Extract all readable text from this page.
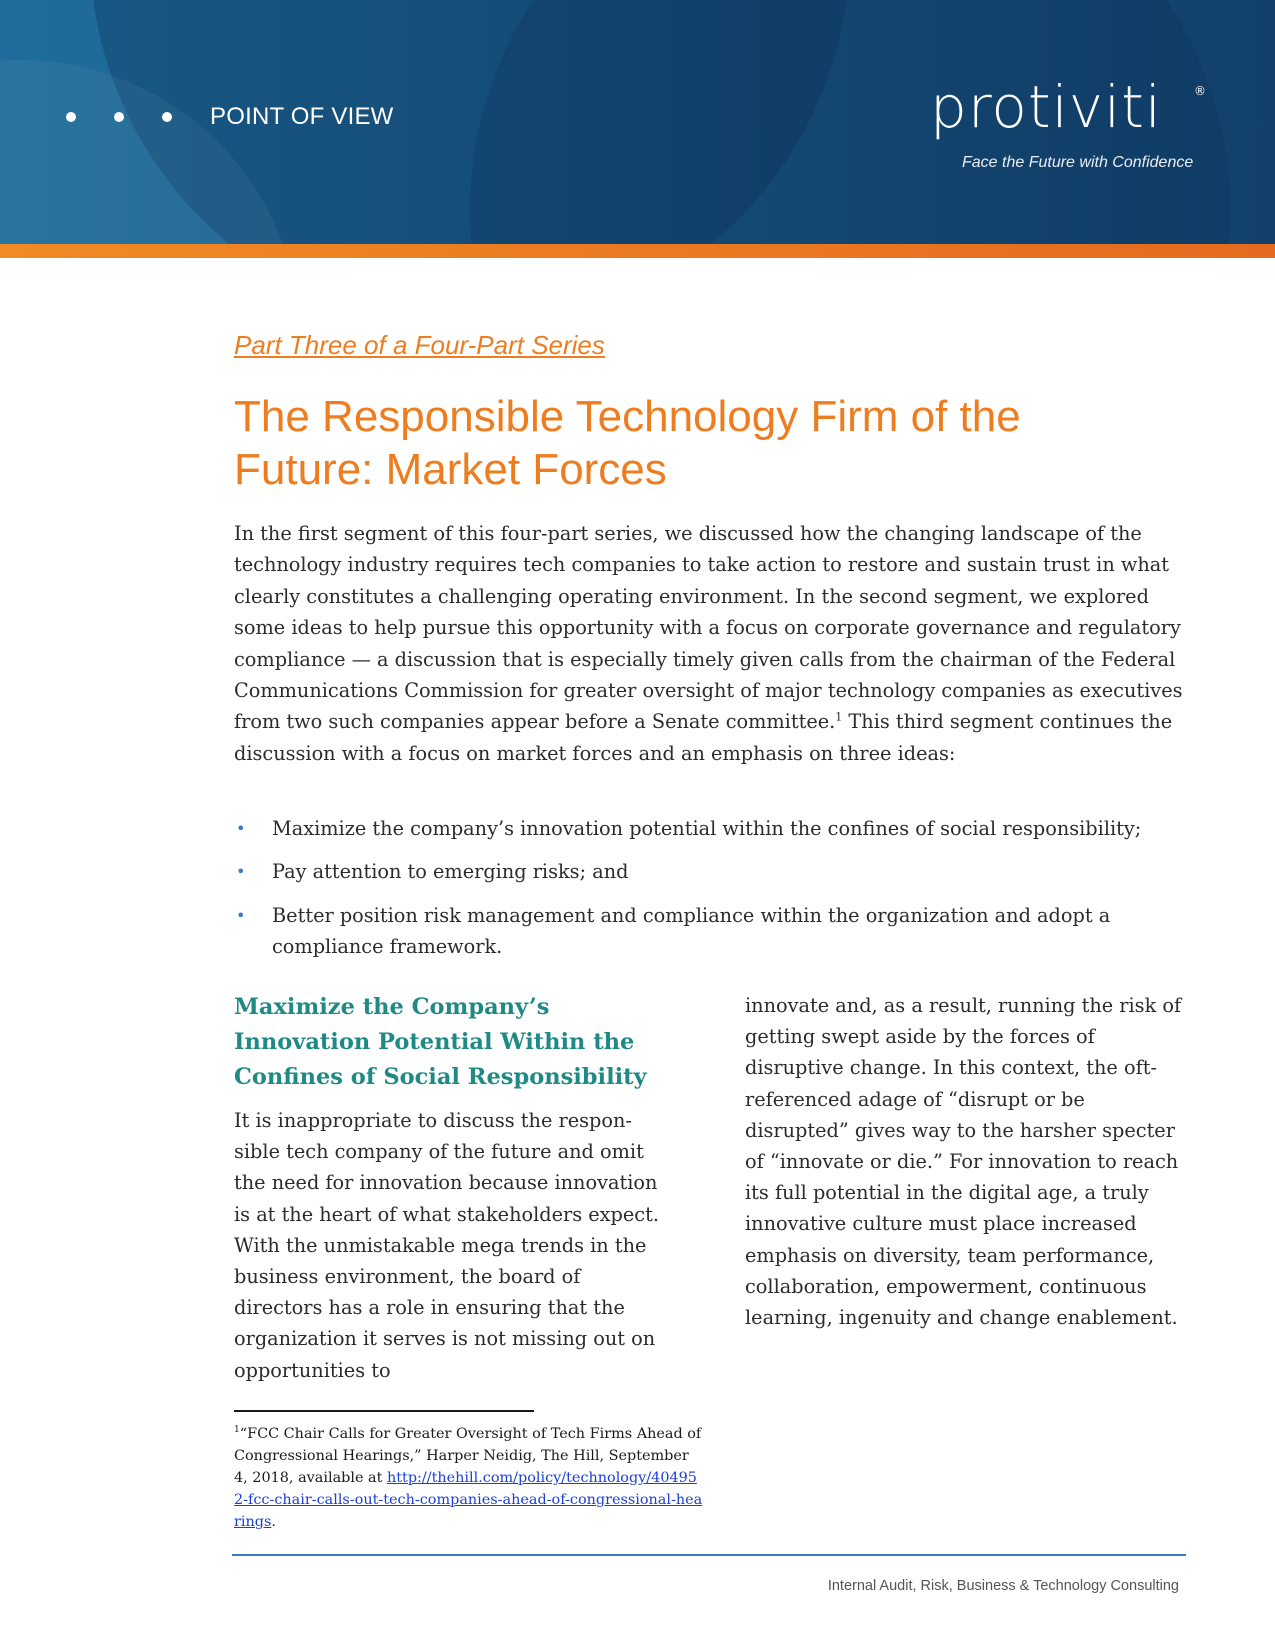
POINT OF VIEW	protiviti	®
Face the Future with Confidence
Part Three of a Four-Part Series
The Responsible Technology Firm of the Future: Market Forces

In the first segment of this four-part series, we discussed how the changing landscape of the technology industry requires tech companies to take action to restore and sustain trust in what clearly constitutes a challenging operating environment. In the second segment, we explored some ideas to help pursue this opportunity with a focus on corporate governance and regulatory compliance — a discussion that is especially timely given calls from the chairman of the Federal Communications Commission for greater oversight of major technology companies as executives from two such companies appear before a Senate committee.$^1$ This third segment continues the discussion with a focus on market forces and an emphasis on three ideas:

• Maximize the company’s innovation potential within the confines of social responsibility;
• Pay attention to emerging risks; and
• Better position risk management and compliance within the organization and adopt a compliance framework.
Maximize the Company’s Innovation Potential Within the Confines of Social Responsibility

It is inappropriate to discuss the responsible tech company of the future and omit the need for innovation because innovation is at the heart of what stakeholders expect. With the unmistakable mega trends in the business environment, the board of directors has a role in ensuring that the organization it serves is not missing out on opportunities to

innovate and, as a result, running the risk of getting swept aside by the forces of disruptive change. In this context, the oft-referenced adage of “disrupt or be disrupted” gives way to the harsher specter of “innovate or die.” For innovation to reach its full potential in the digital age, a truly innovative culture must place increased emphasis on diversity, team performance, collaboration, empowerment, continuous learning, ingenuity and change enablement.

$^1$“FCC Chair Calls for Greater Oversight of Tech Firms Ahead of Congressional Hearings,” Harper Neidig, The Hill, September 4, 2018, available at http://thehill.com/policy/technology/404952-fcc-chair-calls-out-tech-companies-ahead-of-congressional-hearings.

Internal Audit, Risk, Business & Technology Consulting
